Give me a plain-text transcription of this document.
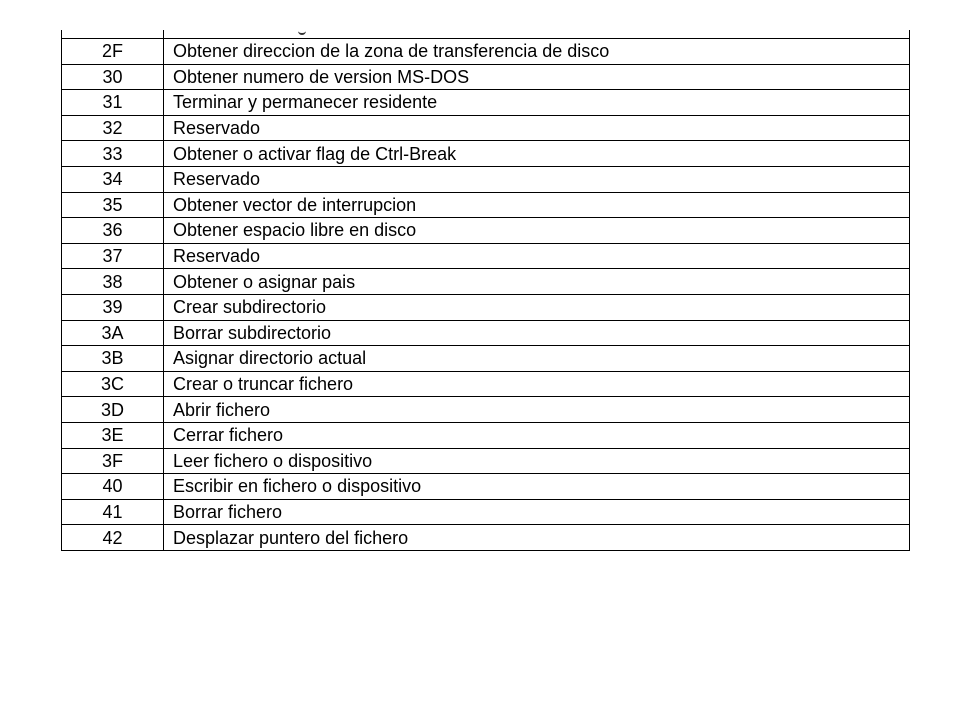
2F	Obtener direccion de la zona de transferencia de disco
30	Obtener numero de version MS-DOS
31	Terminar y permanecer residente
32	Reservado
33	Obtener o activar flag de Ctrl-Break
34	Reservado
35	Obtener vector de interrupcion
36	Obtener espacio libre en disco
37	Reservado
38	Obtener o asignar pais
39	Crear subdirectorio
3A	Borrar subdirectorio
3B	Asignar directorio actual
3C	Crear o truncar fichero
3D	Abrir fichero
3E	Cerrar fichero
3F	Leer fichero o dispositivo
40	Escribir en fichero o dispositivo
41	Borrar fichero
42	Desplazar puntero del fichero
